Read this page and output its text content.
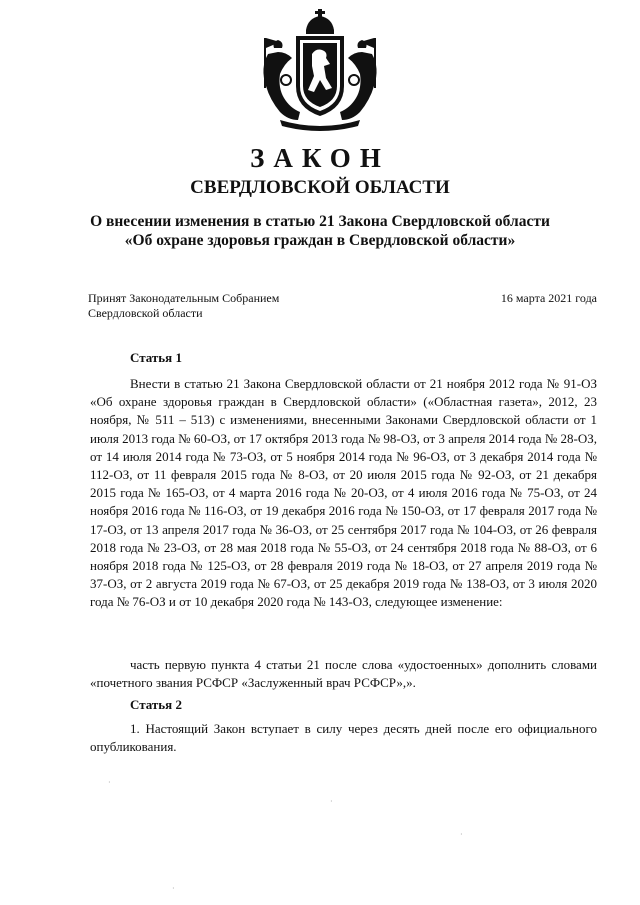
ЗАКОН
СВЕРДЛОВСКОЙ ОБЛАСТИ
О внесении изменения в статью 21 Закона Свердловской области «Об охране здоровья граждан в Свердловской области»
Принят Законодательным Собранием
Свердловской области
16 марта 2021 года
Статья 1
Внести в статью 21 Закона Свердловской области от 21 ноября 2012 года № 91-ОЗ «Об охране здоровья граждан в Свердловской области» («Областная газета», 2012, 23 ноября, № 511 – 513) с изменениями, внесенными Законами Свердловской области от 1 июля 2013 года № 60-ОЗ, от 17 октября 2013 года № 98-ОЗ, от 3 апреля 2014 года № 28-ОЗ, от 14 июля 2014 года № 73-ОЗ, от 5 ноября 2014 года № 96-ОЗ, от 3 декабря 2014 года № 112-ОЗ, от 11 февраля 2015 года № 8-ОЗ, от 20 июля 2015 года № 92-ОЗ, от 21 декабря 2015 года № 165-ОЗ, от 4 марта 2016 года № 20-ОЗ, от 4 июля 2016 года № 75-ОЗ, от 24 ноября 2016 года № 116-ОЗ, от 19 декабря 2016 года № 150-ОЗ, от 17 февраля 2017 года № 17-ОЗ, от 13 апреля 2017 года № 36-ОЗ, от 25 сентября 2017 года № 104-ОЗ, от 26 февраля 2018 года № 23-ОЗ, от 28 мая 2018 года № 55-ОЗ, от 24 сентября 2018 года № 88-ОЗ, от 6 ноября 2018 года № 125-ОЗ, от 28 февраля 2019 года № 18-ОЗ, от 27 апреля 2019 года № 37-ОЗ, от 2 августа 2019 года № 67-ОЗ, от 25 декабря 2019 года № 138-ОЗ, от 3 июля 2020 года № 76-ОЗ и от 10 декабря 2020 года № 143-ОЗ, следующее изменение:
часть первую пункта 4 статьи 21 после слова «удостоенных» дополнить словами «почетного звания РСФСР «Заслуженный врач РСФСР»,».
Статья 2
1. Настоящий Закон вступает в силу через десять дней после его официального опубликования.
·
·
·
·
